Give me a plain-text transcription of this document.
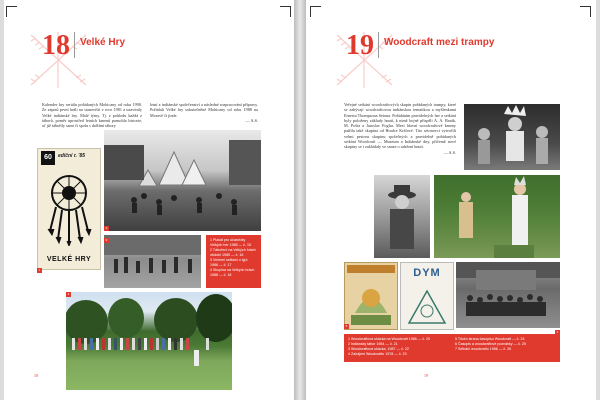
18 Velké Hry
Kalender hry seriálu pořádaných Mohicany od roku 1990. Ze zápisů první hráli na stanovišti v roce 1981 a uzavíraly Velké indiánské hry. Malé týmy. Tj. z pohledu každá z táborů, poměr uprostřed letních kmenů pomohla historie, ať již tábořily sami či spolu s dalšími tábory
letní a indiánské společenství a následné rozpracování přípravy. Pořádali Velké hry uskutečněné Mohicany od roku 1988 na Moravě či jinde.
— A.S.
60	ediční r. '85
VELKÉ HRY
2
3	1 Plakát pro účastníky
Velkých her 1985 — č. 15
2 Táboření na Velkých hrách
období 1985 — č. 16
3 Večerní setkání u týpí
1986 — č. 17
4 Skupina na Velkých hrách
1988 — č. 18
4
1
18
19 Woodcraft mezi trampy
Veřejné setkání woodcraftových skupin pořádaných trampy, které se zabývají woodcraftovou indiánskou tematikou a myšlenkami Ernesta Thompsona Setona. Pořádáním pravidelných her a setkání byly položeny základy hnutí, k nimž hojně přispěli A. A. Barák, M. Pošta a Jaroslav Foglar. Mezi hlavní woodcraftové kmeny patřila také skupina od Hradce Králové. Tito setonovci vytvořili velmi pestrou skupinu společných a pravidelně pořádaných setkání Woodcraft — Muzeum a Indiánské dny, přičemž nové skupiny se i zakládaly ve snaze o udržení hnutí.
— A.S.
4
DYM
5
1 Woodcraftová ukázka na Woodcraft 1985 — č. 20
2 Indiánský tábor 1984 — č. 21
3 Woodcraftová ukázka, 1987 — č. 22
4 Zahájení Woodcraftu 1978 — č. 23
5 Titulní strana časopisu Woodcraft — č. 24
6 Časopis a woodcraftové pozvánky — č. 25
7 Setkání woodcraftu 1986 — č. 26
19
